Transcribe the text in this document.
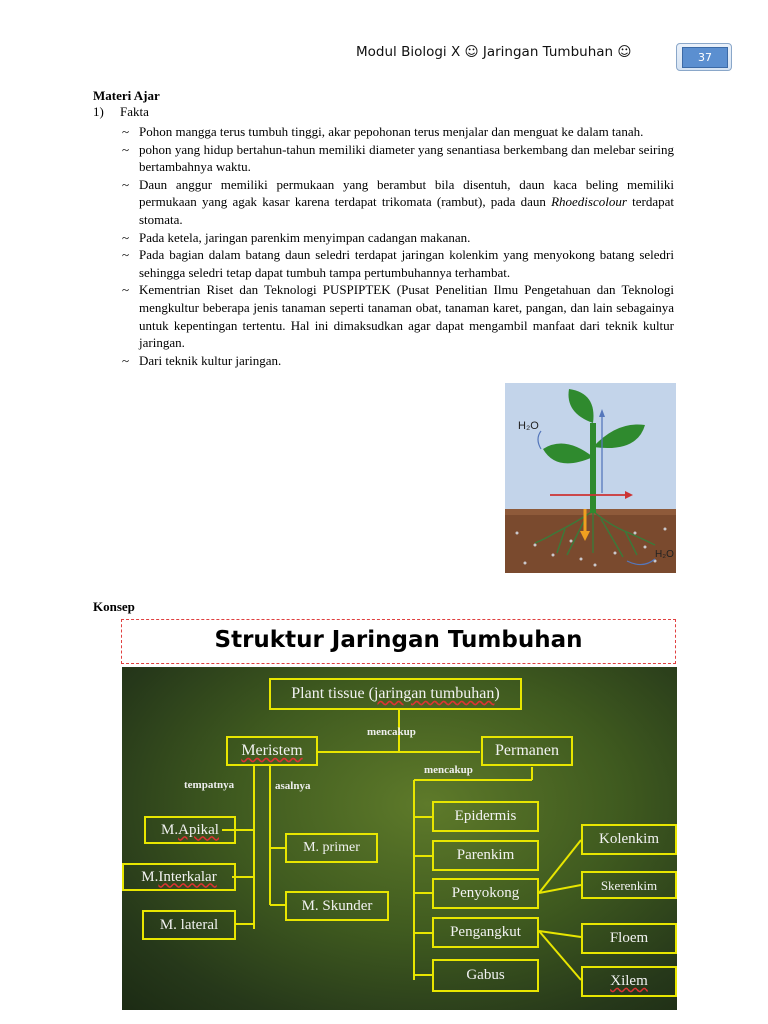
Modul Biologi X ☺ Jaringan Tumbuhan ☺	37
Materi Ajar
1) Fakta
~ Pohon mangga terus tumbuh tinggi, akar pepohonan terus menjalar dan menguat ke dalam tanah.
~ pohon yang hidup bertahun-tahun memiliki diameter yang senantiasa berkembang dan melebar seiring bertambahnya waktu.
~ Daun anggur memiliki permukaan yang berambut bila disentuh, daun kaca beling memiliki permukaan yang agak kasar karena terdapat trikomata (rambut), pada daun Rhoediscolour terdapat stomata.
~ Pada ketela, jaringan parenkim menyimpan cadangan makanan.
~ Pada bagian dalam batang daun seledri terdapat jaringan kolenkim yang menyokong batang seledri sehingga seledri tetap dapat tumbuh tampa pertumbuhannya terhambat.
~ Kementrian Riset dan Teknologi PUSPIPTEK (Pusat Penelitian Ilmu Pengetahuan dan Teknologi mengkultur beberapa jenis tanaman seperti tanaman obat, tanaman karet, pangan, dan lain sebagainya untuk kepentingan tertentu. Hal ini dimaksudkan agar dapat mengambil manfaat dari teknik kultur jaringan.
~ Dari teknik kultur jaringan.
H₂O
H₂O
Konsep
Struktur Jaringan Tumbuhan
Plant tissue ( jaringan tumbuhan )
mencakup
Meristem	Permanen
tempatnya	asalnya
mencakup
M. Apikal
M. Interkalar
M. lateral
M. primer
M. Skunder
Epidermis
Parenkim
Penyokong
Pengangkut
Gabus
Kolenkim
Skerenkim
Floem
Xilem
